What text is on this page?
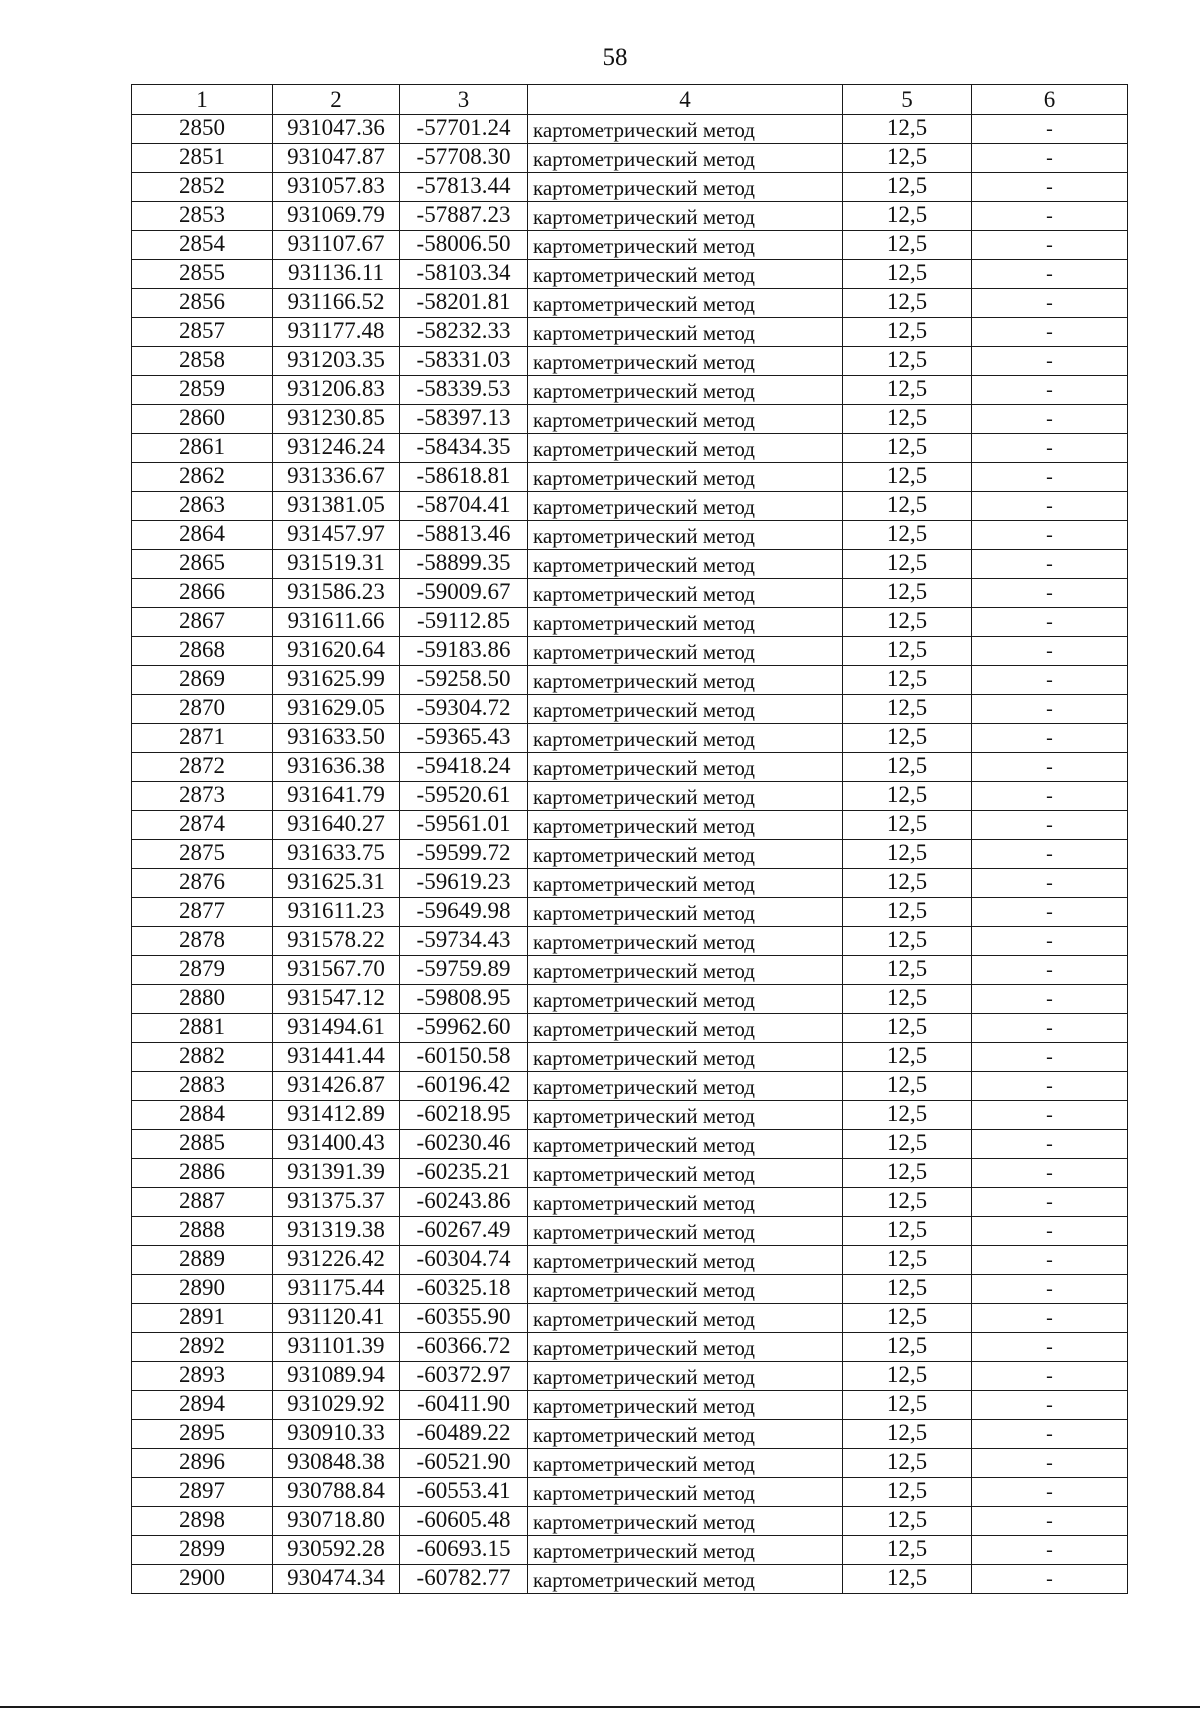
58
1	2	3	4	5	6
2850	931047.36	-57701.24	картометрический метод	12,5	-
2851	931047.87	-57708.30	картометрический метод	12,5	-
2852	931057.83	-57813.44	картометрический метод	12,5	-
2853	931069.79	-57887.23	картометрический метод	12,5	-
2854	931107.67	-58006.50	картометрический метод	12,5	-
2855	931136.11	-58103.34	картометрический метод	12,5	-
2856	931166.52	-58201.81	картометрический метод	12,5	-
2857	931177.48	-58232.33	картометрический метод	12,5	-
2858	931203.35	-58331.03	картометрический метод	12,5	-
2859	931206.83	-58339.53	картометрический метод	12,5	-
2860	931230.85	-58397.13	картометрический метод	12,5	-
2861	931246.24	-58434.35	картометрический метод	12,5	-
2862	931336.67	-58618.81	картометрический метод	12,5	-
2863	931381.05	-58704.41	картометрический метод	12,5	-
2864	931457.97	-58813.46	картометрический метод	12,5	-
2865	931519.31	-58899.35	картометрический метод	12,5	-
2866	931586.23	-59009.67	картометрический метод	12,5	-
2867	931611.66	-59112.85	картометрический метод	12,5	-
2868	931620.64	-59183.86	картометрический метод	12,5	-
2869	931625.99	-59258.50	картометрический метод	12,5	-
2870	931629.05	-59304.72	картометрический метод	12,5	-
2871	931633.50	-59365.43	картометрический метод	12,5	-
2872	931636.38	-59418.24	картометрический метод	12,5	-
2873	931641.79	-59520.61	картометрический метод	12,5	-
2874	931640.27	-59561.01	картометрический метод	12,5	-
2875	931633.75	-59599.72	картометрический метод	12,5	-
2876	931625.31	-59619.23	картометрический метод	12,5	-
2877	931611.23	-59649.98	картометрический метод	12,5	-
2878	931578.22	-59734.43	картометрический метод	12,5	-
2879	931567.70	-59759.89	картометрический метод	12,5	-
2880	931547.12	-59808.95	картометрический метод	12,5	-
2881	931494.61	-59962.60	картометрический метод	12,5	-
2882	931441.44	-60150.58	картометрический метод	12,5	-
2883	931426.87	-60196.42	картометрический метод	12,5	-
2884	931412.89	-60218.95	картометрический метод	12,5	-
2885	931400.43	-60230.46	картометрический метод	12,5	-
2886	931391.39	-60235.21	картометрический метод	12,5	-
2887	931375.37	-60243.86	картометрический метод	12,5	-
2888	931319.38	-60267.49	картометрический метод	12,5	-
2889	931226.42	-60304.74	картометрический метод	12,5	-
2890	931175.44	-60325.18	картометрический метод	12,5	-
2891	931120.41	-60355.90	картометрический метод	12,5	-
2892	931101.39	-60366.72	картометрический метод	12,5	-
2893	931089.94	-60372.97	картометрический метод	12,5	-
2894	931029.92	-60411.90	картометрический метод	12,5	-
2895	930910.33	-60489.22	картометрический метод	12,5	-
2896	930848.38	-60521.90	картометрический метод	12,5	-
2897	930788.84	-60553.41	картометрический метод	12,5	-
2898	930718.80	-60605.48	картометрический метод	12,5	-
2899	930592.28	-60693.15	картометрический метод	12,5	-
2900	930474.34	-60782.77	картометрический метод	12,5	-
